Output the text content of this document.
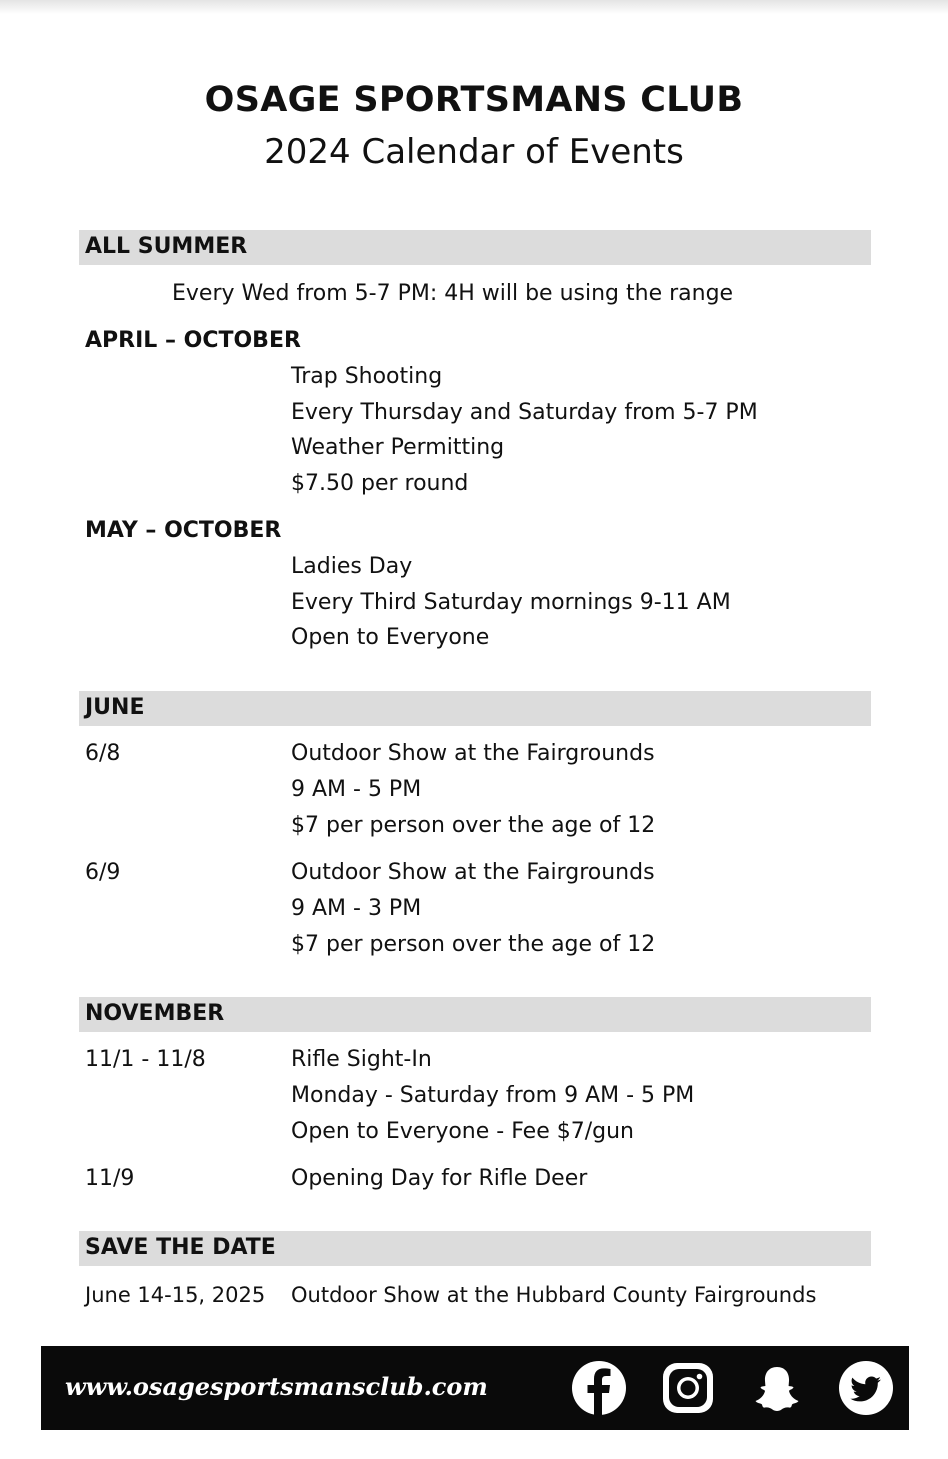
OSAGE SPORTSMANS CLUB
2024 Calendar of Events
ALL SUMMER
Every Wed from 5-7 PM: 4H will be using the range
APRIL – OCTOBER
Trap Shooting
Every Thursday and Saturday from 5-7 PM
Weather Permitting
$7.50 per round
MAY – OCTOBER
Ladies Day
Every Third Saturday mornings 9-11 AM
Open to Everyone
JUNE
6/8	Outdoor Show at the Fairgrounds
9 AM - 5 PM
$7 per person over the age of 12
6/9	Outdoor Show at the Fairgrounds
9 AM - 3 PM
$7 per person over the age of 12
NOVEMBER
11/1 - 11/8	Rifle Sight-In
Monday - Saturday from 9 AM - 5 PM
Open to Everyone - Fee $7/gun
11/9	Opening Day for Rifle Deer
SAVE THE DATE
June 14-15, 2025 Outdoor Show at the Hubbard County Fairgrounds
www.osagesportsmansclub.com
